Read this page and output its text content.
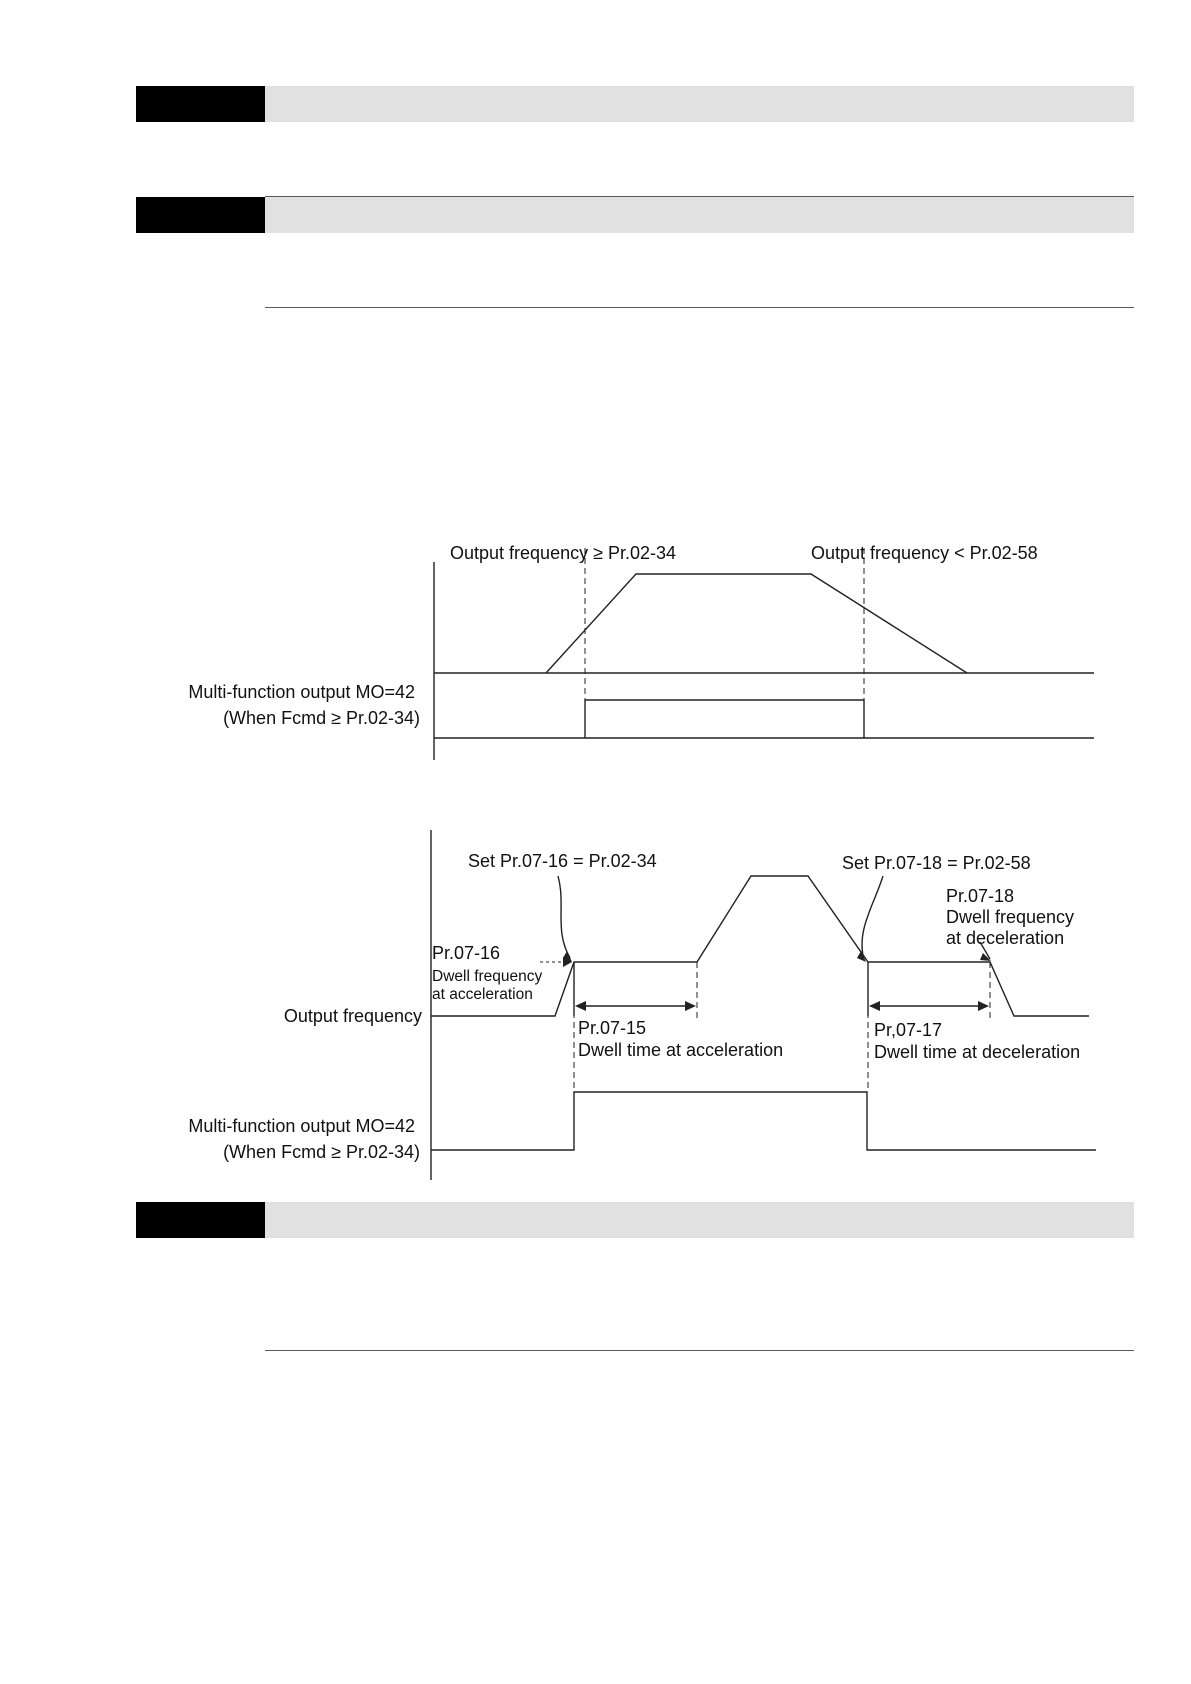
Output frequency ≥ Pr.02-34	Output frequency < Pr.02-58
Multi-function output MO=42
(When Fcmd ≥ Pr.02-34)
Set Pr.07-16 = Pr.02-34	Set Pr.07-18 = Pr.02-58
Pr.07-16
Dwell frequency
at acceleration
Pr.07-18
Dwell frequency
at deceleration
Output frequency
Pr.07-15
Dwell time at acceleration
Pr,07-17
Dwell time at deceleration
Multi-function output MO=42
(When Fcmd ≥ Pr.02-34)
